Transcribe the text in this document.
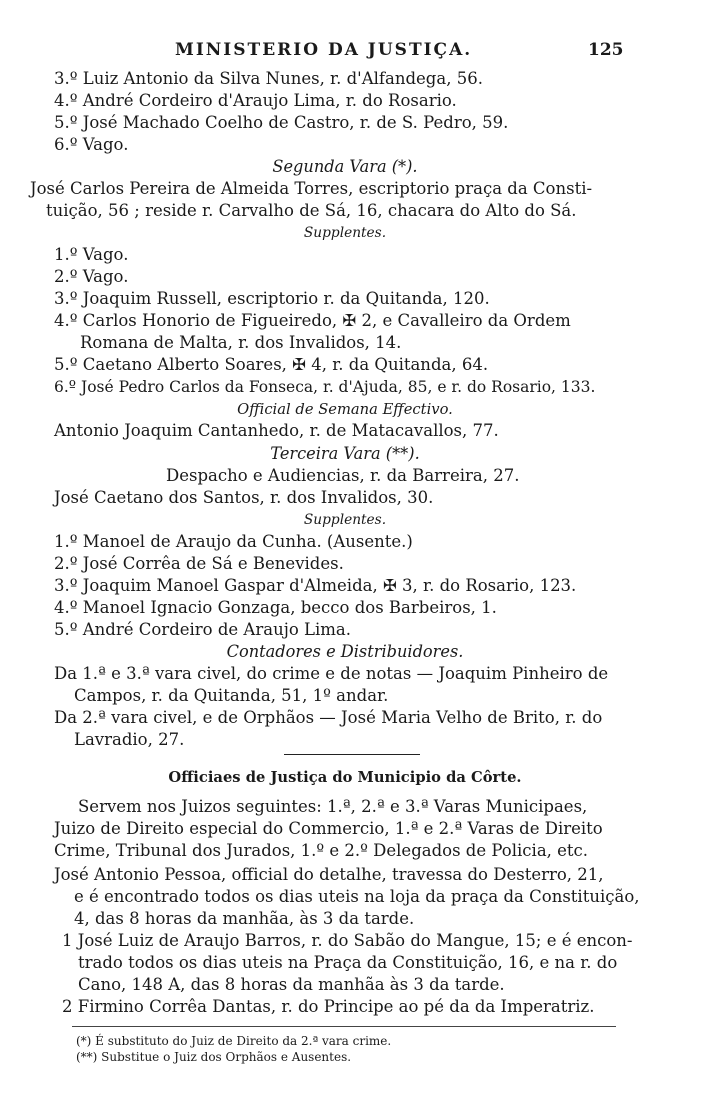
MINISTERIO DA JUSTIÇA.	125
3.º Luiz Antonio da Silva Nunes, r. d'Alfandega, 56.
4.º André Cordeiro d'Araujo Lima, r. do Rosario.
5.º José Machado Coelho de Castro, r. de S. Pedro, 59.
6.º Vago.
Segunda Vara (*).
José Carlos Pereira de Almeida Torres, escriptorio praça da Consti-
tuição, 56 ; reside r. Carvalho de Sá, 16, chacara do Alto do Sá.
Supplentes.
1.º Vago.
2.º Vago.
3.º Joaquim Russell, escriptorio r. da Quitanda, 120.
4.º Carlos Honorio de Figueiredo, ✠ 2, e Cavalleiro da Ordem
Romana de Malta, r. dos Invalidos, 14.
5.º Caetano Alberto Soares, ✠ 4, r. da Quitanda, 64.
6.º José Pedro Carlos da Fonseca, r. d'Ajuda, 85, e r. do Rosario, 133.
Official de Semana Effectivo.
Antonio Joaquim Cantanhedo, r. de Matacavallos, 77.
Terceira Vara (**).
Despacho e Audiencias, r. da Barreira, 27.
José Caetano dos Santos, r. dos Invalidos, 30.
Supplentes.
1.º Manoel de Araujo da Cunha. (Ausente.)
2.º José Corrêa de Sá e Benevides.
3.º Joaquim Manoel Gaspar d'Almeida, ✠ 3, r. do Rosario, 123.
4.º Manoel Ignacio Gonzaga, becco dos Barbeiros, 1.
5.º André Cordeiro de Araujo Lima.
Contadores e Distribuidores.
Da 1.ª e 3.ª vara civel, do crime e de notas — Joaquim Pinheiro de
Campos, r. da Quitanda, 51, 1º andar.
Da 2.ª vara civel, e de Orphãos — José Maria Velho de Brito, r. do
Lavradio, 27.
Officiaes de Justiça do Municipio da Côrte.
Servem nos Juizos seguintes: 1.ª, 2.ª e 3.ª Varas Municipaes,
Juizo de Direito especial do Commercio, 1.ª e 2.ª Varas de Direito
Crime, Tribunal dos Jurados, 1.º e 2.º Delegados de Policia, etc.
José Antonio Pessoa, official do detalhe, travessa do Desterro, 21,
e é encontrado todos os dias uteis na loja da praça da Constituição,
4, das 8 horas da manhãa, às 3 da tarde.
1 José Luiz de Araujo Barros, r. do Sabão do Mangue, 15; e é encon-
trado todos os dias uteis na Praça da Constituição, 16, e na r. do
Cano, 148 A, das 8 horas da manhãa às 3 da tarde.
2 Firmino Corrêa Dantas, r. do Principe ao pé da da Imperatriz.
(*) É substituto do Juiz de Direito da 2.ª vara crime.
(**) Substitue o Juiz dos Orphãos e Ausentes.
